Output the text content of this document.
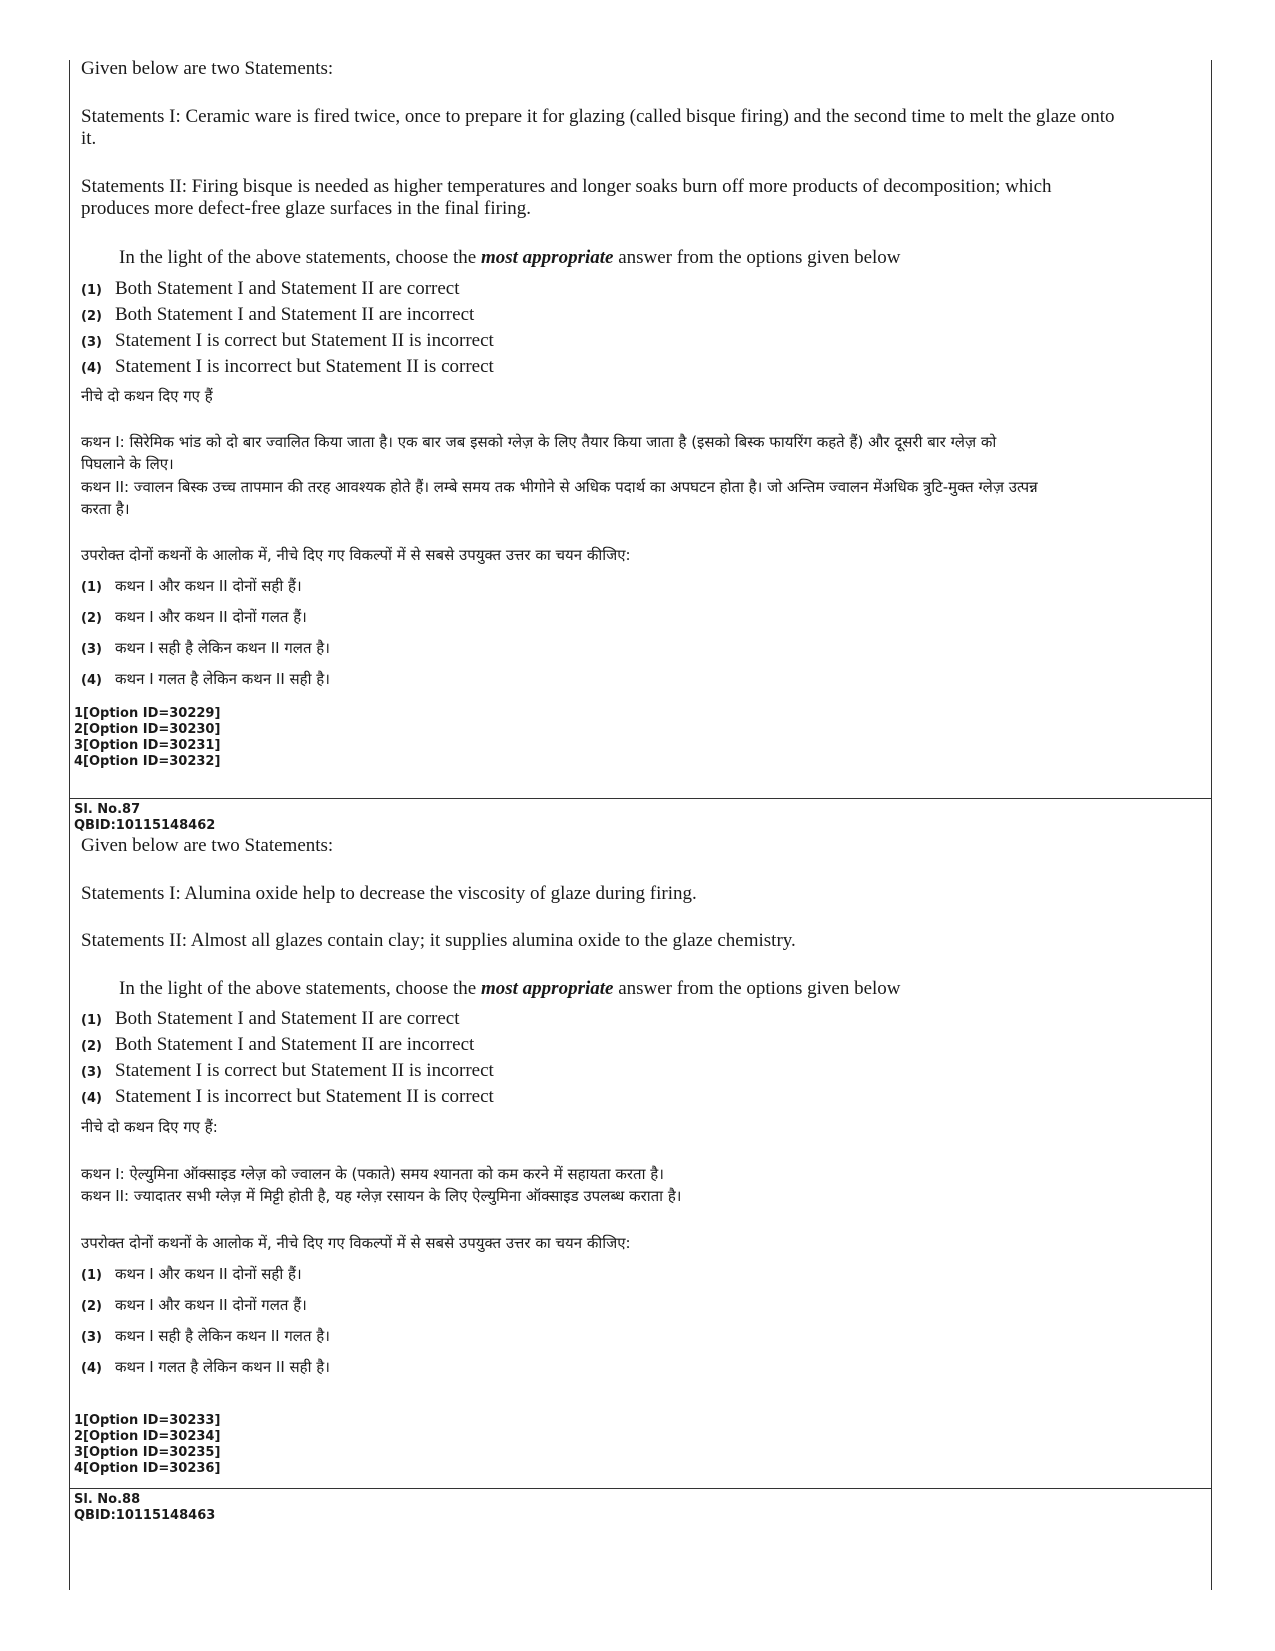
Given below are two Statements:
Statements I: Ceramic ware is fired twice, once to prepare it for glazing (called bisque firing) and the second time to melt the glaze onto
it.
Statements II: Firing bisque is needed as higher temperatures and longer soaks burn off more products of decomposition; which
produces more defect-free glaze surfaces in the final firing.
In the light of the above statements, choose the most appropriate answer from the options given below
(1) Both Statement I and Statement II are correct
(2) Both Statement I and Statement II are incorrect
(3) Statement I is correct but Statement II is incorrect
(4) Statement I is incorrect but Statement II is correct
नीचे दो कथन दिए गए हैं
कथन I: सिरेमिक भांड को दो बार ज्वालित किया जाता है। एक बार जब इसको ग्लेज़ के लिए तैयार किया जाता है (इसको बिस्क फायरिंग कहते हैं) और दूसरी बार ग्लेज़ को
पिघलाने के लिए।
कथन II: ज्वालन बिस्क उच्च तापमान की तरह आवश्यक होते हैं। लम्बे समय तक भीगोने से अधिक पदार्थ का अपघटन होता है। जो अन्तिम ज्वालन मेंअधिक त्रुटि-मुक्त ग्लेज़ उत्पन्न
करता है।
उपरोक्त दोनों कथनों के आलोक में, नीचे दिए गए विकल्पों में से सबसे उपयुक्त उत्तर का चयन कीजिए:
(1) कथन I और कथन II दोनों सही हैं।
(2) कथन I और कथन II दोनों गलत हैं।
(3) कथन I सही है लेकिन कथन II गलत है।
(4) कथन I गलत है लेकिन कथन II सही है।
1[Option ID=30229]
2[Option ID=30230]
3[Option ID=30231]
4[Option ID=30232]
Sl. No.87
QBID:10115148462
Given below are two Statements:
Statements I: Alumina oxide help to decrease the viscosity of glaze during firing.
Statements II: Almost all glazes contain clay; it supplies alumina oxide to the glaze chemistry.
In the light of the above statements, choose the most appropriate answer from the options given below
(1) Both Statement I and Statement II are correct
(2) Both Statement I and Statement II are incorrect
(3) Statement I is correct but Statement II is incorrect
(4) Statement I is incorrect but Statement II is correct
नीचे दो कथन दिए गए हैं:
कथन I: ऐल्युमिना ऑक्साइड ग्लेज़ को ज्वालन के (पकाते) समय श्यानता को कम करने में सहायता करता है।
कथन II: ज्यादातर सभी ग्लेज़ में मिट्टी होती है, यह ग्लेज़ रसायन के लिए ऐल्युमिना ऑक्साइड उपलब्ध कराता है।
उपरोक्त दोनों कथनों के आलोक में, नीचे दिए गए विकल्पों में से सबसे उपयुक्त उत्तर का चयन कीजिए:
(1) कथन I और कथन II दोनों सही हैं।
(2) कथन I और कथन II दोनों गलत हैं।
(3) कथन I सही है लेकिन कथन II गलत है।
(4) कथन I गलत है लेकिन कथन II सही है।
1[Option ID=30233]
2[Option ID=30234]
3[Option ID=30235]
4[Option ID=30236]
Sl. No.88
QBID:10115148463
